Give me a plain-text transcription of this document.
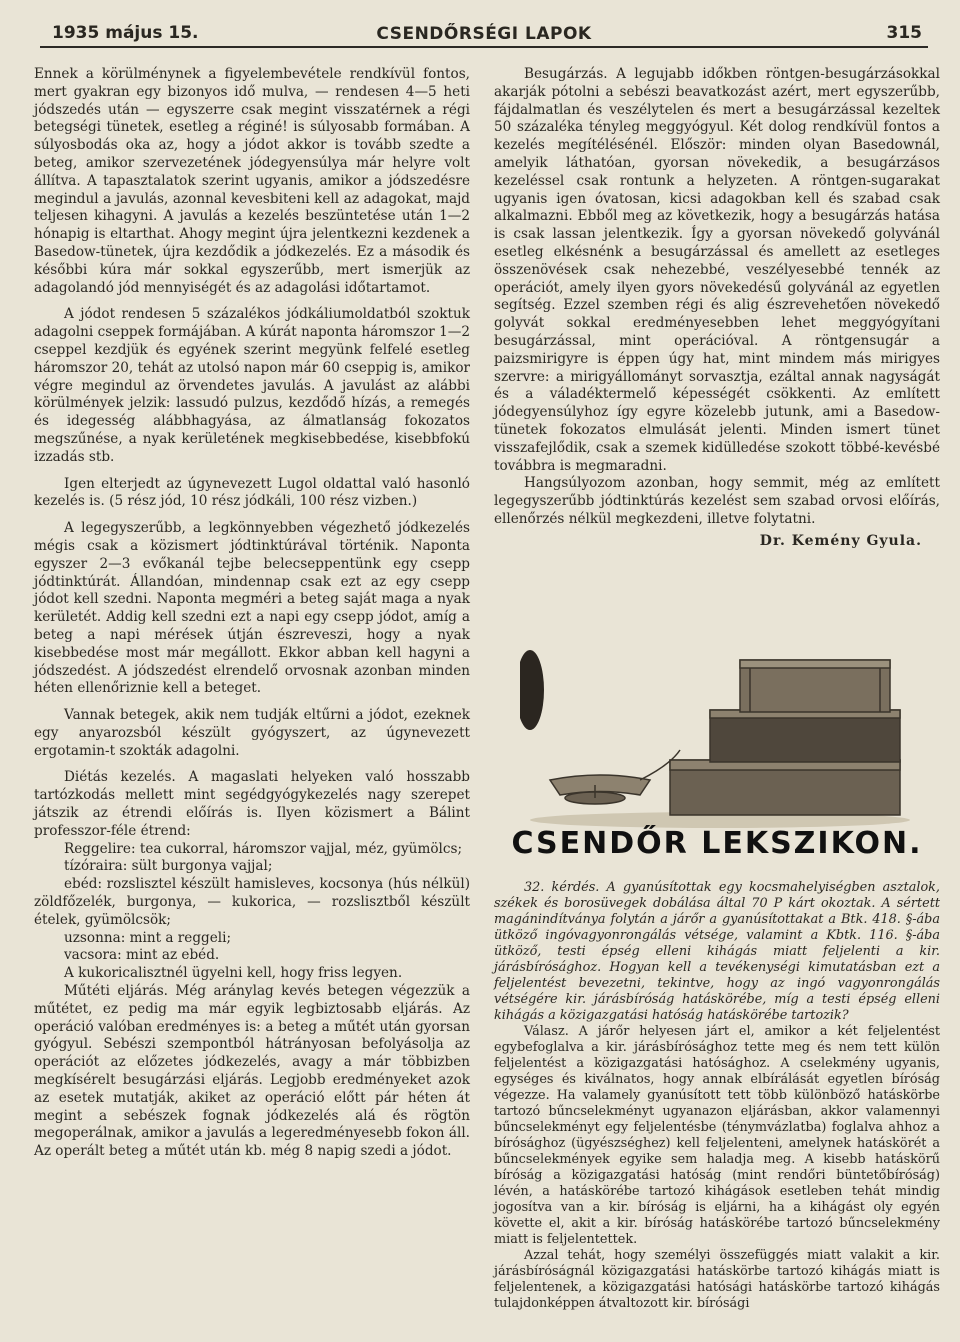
1935 május 15.	CSENDŐRSÉGI LAPOK	315

Ennek a körülménynek a figyelembevétele rendkívül fontos, mert gyakran egy bizonyos idő mulva, — rendesen 4—5 heti jódszedés után — egyszerre csak megint visszatérnek a régi betegségi tünetek, esetleg a réginé! is súlyosabb formában. A súlyosbodás oka az, hogy a jódot akkor is tovább szedte a beteg, amikor szervezetének jódegyensúlya már helyre volt állítva. A tapasztalatok szerint ugyanis, amikor a jódszedésre megindul a javulás, azonnal kevesbiteni kell az adagokat, majd teljesen kihagyni. A javulás a kezelés beszüntetése után 1—2 hónapig is eltarthat. Ahogy megint újra jelentkezni kezdenek a Basedow-tünetek, újra kezdődik a jódkezelés. Ez a második és későbbi kúra már sokkal egyszerűbb, mert ismerjük az adagolandó jód mennyiségét és az adagolási időtartamot.

A jódot rendesen 5 százalékos jódkáliumoldatból szoktuk adagolni cseppek formájában. A kúrát naponta háromszor 1—2 cseppel kezdjük és egyének szerint megyünk felfelé esetleg háromszor 20, tehát az utolsó napon már 60 cseppig is, amikor végre megindul az örvendetes javulás. A javulást az alábbi körülmények jelzik: lassudó pulzus, kezdődő hízás, a remegés és idegesség alábbhagyása, az álmatlanság fokozatos megszűnése, a nyak kerületének megkisebbedése, kisebbfokú izzadás stb.

Igen elterjedt az úgynevezett Lugol oldattal való hasonló kezelés is. (5 rész jód, 10 rész jódkáli, 100 rész vizben.)

A legegyszerűbb, a legkönnyebben végezhető jódkezelés mégis csak a közismert jódtinktúrával történik. Naponta egyszer 2—3 evőkanál tejbe belecseppentünk egy csepp jódtinktúrát. Állandóan, mindennap csak ezt az egy csepp jódot kell szedni. Naponta megméri a beteg saját maga a nyak kerületét. Addig kell szedni ezt a napi egy csepp jódot, amíg a beteg a napi mérések útján észreveszi, hogy a nyak kisebbedése most már megállott. Ekkor abban kell hagyni a jódszedést. A jódszedést elrendelő orvosnak azonban minden héten ellenőriznie kell a beteget.

Vannak betegek, akik nem tudják eltűrni a jódot, ezeknek egy anyarozsból készült gyógyszert, az úgynevezett ergotamin-t szokták adagolni.

Diétás kezelés. A magaslati helyeken való hosszabb tartózkodás mellett mint segédgyógykezelés nagy szerepet játszik az étrendi előírás is. Ilyen közismert a Bálint professzor-féle étrend:

Reggelire: tea cukorral, háromszor vajjal, méz, gyümölcs;

tízóraira: sült burgonya vajjal;

ebéd: rozslisztel készült hamisleves, kocsonya (hús nélkül) zöldfőzelék, burgonya, — kukorica, — rozslisztből készült ételek, gyümölcsök;

uzsonna: mint a reggeli;

vacsora: mint az ebéd.

A kukoricalisztnél ügyelni kell, hogy friss legyen.

Műtéti eljárás. Még aránylag kevés betegen végezzük a műtétet, ez pedig ma már egyik legbiztosabb eljárás. Az operáció valóban eredményes is: a beteg a műtét után gyorsan gyógyul. Sebészi szempontból hátrányosan befolyásolja az operációt az előzetes jódkezelés, avagy a már többizben megkísérelt besugárzási eljárás. Legjobb eredményeket azok az esetek mutatják, akiket az operáció előtt pár héten át megint a sebészek fognak jódkezelés alá és rögtön megoperálnak, amikor a javulás a legeredményesebb fokon áll. Az operált beteg a műtét után kb. még 8 napig szedi a jódot.

Besugárzás. A legujabb időkben röntgen-besugárzásokkal akarják pótolni a sebészi beavatkozást azért, mert egyszerűbb, fájdalmatlan és veszélytelen és mert a besugárzással kezeltek 50 százaléka tényleg meggyógyul. Két dolog rendkívül fontos a kezelés megítélésénél. Először: minden olyan Basedownál, amelyik láthatóan, gyorsan növekedik, a besugárzásos kezeléssel csak rontunk a helyzeten. A röntgen-sugarakat ugyanis igen óvatosan, kicsi adagokban kell és szabad csak alkalmazni. Ebből meg az következik, hogy a besugárzás hatása is csak lassan jelentkezik. Így a gyorsan növekedő golyvánál esetleg elkésnénk a besugárzással és amellett az esetleges összenövések csak nehezebbé, veszélyesebbé tennék az operációt, amely ilyen gyors növekedésű golyvánál az egyetlen segítség. Ezzel szemben régi és alig észrevehetően növekedő golyvát sokkal eredményesebben lehet meggyógyítani besugárzással, mint operációval. A röntgensugár a paizsmirigyre is éppen úgy hat, mint mindem más mirigyes szervre: a mirigyállományt sorvasztja, ezáltal annak nagyságát és a váladéktermelő képességét csökkenti. Az említett jódegyensúlyhoz így egyre közelebb jutunk, ami a Basedow-tünetek fokozatos elmulását jelenti. Minden ismert tünet visszafejlődik, csak a szemek kidülledése szokott többé-kevésbé továbbra is megmaradni.

Hangsúlyozom azonban, hogy semmit, még az említett legegyszerűbb jódtinktúrás kezelést sem szabad orvosi előírás, ellenőrzés nélkül megkezdeni, illetve folytatni.

Dr. Kemény Gyula.
CSENDŐR LEKSZIKON.

32. kérdés. A gyanúsítottak egy kocsmahelyiségben asztalok, székek és borosüvegek dobálása által 70 P kárt okoztak. A sértett magánindítványa folytán a járőr a gyanúsítottakat a Btk. 418. §-ába ütköző ingóvagyonrongálás vétsége, valamint a Kbtk. 116. §-ába ütköző, testi épség elleni kihágás miatt feljelenti a kir. járásbírósághoz. Hogyan kell a tevékenységi kimutatásban ezt a feljelentést bevezetni, tekintve, hogy az ingó vagyonrongálás vétségére kir. járásbíróság hatáskörébe, míg a testi épség elleni kihágás a közigazgatási hatóság hatáskörébe tartozik?

Válasz. A járőr helyesen járt el, amikor a két feljelentést egybefoglalva a kir. járásbírósághoz tette meg és nem tett külön feljelentést a közigazgatási hatósághoz. A cselekmény ugyanis, egységes és kiválnatos, hogy annak elbírálását egyetlen bíróság végezze. Ha valamely gyanúsított tett több különböző hatáskörbe tartozó bűncselekményt ugyanazon eljárásban, akkor valamennyi bűncselekményt egy feljelentésbe (ténymvázlatba) foglalva ahhoz a bírósághoz (ügyészséghez) kell feljelenteni, amelynek hatáskörét a bűncselekmények egyike sem haladja meg. A kisebb hatáskörű bíróság a közigazgatási hatóság (mint rendőri büntetőbíróság) lévén, a hatáskörébe tartozó kihágások esetleben tehát mindig jogosítva van a kir. bíróság is eljárni, ha a kihágást oly egyén követte el, akit a kir. bíróság hatáskörébe tartozó bűncselekmény miatt is feljelentettek.

Azzal tehát, hogy személyi összefüggés miatt valakit a kir. járásbíróságnál közigazgatási hatáskörbe tartozó kihágás miatt is feljelentenek, a közigazgatási hatósági hatáskörbe tartozó kihágás tulajdonképpen átvaltozott kir. bírósági
